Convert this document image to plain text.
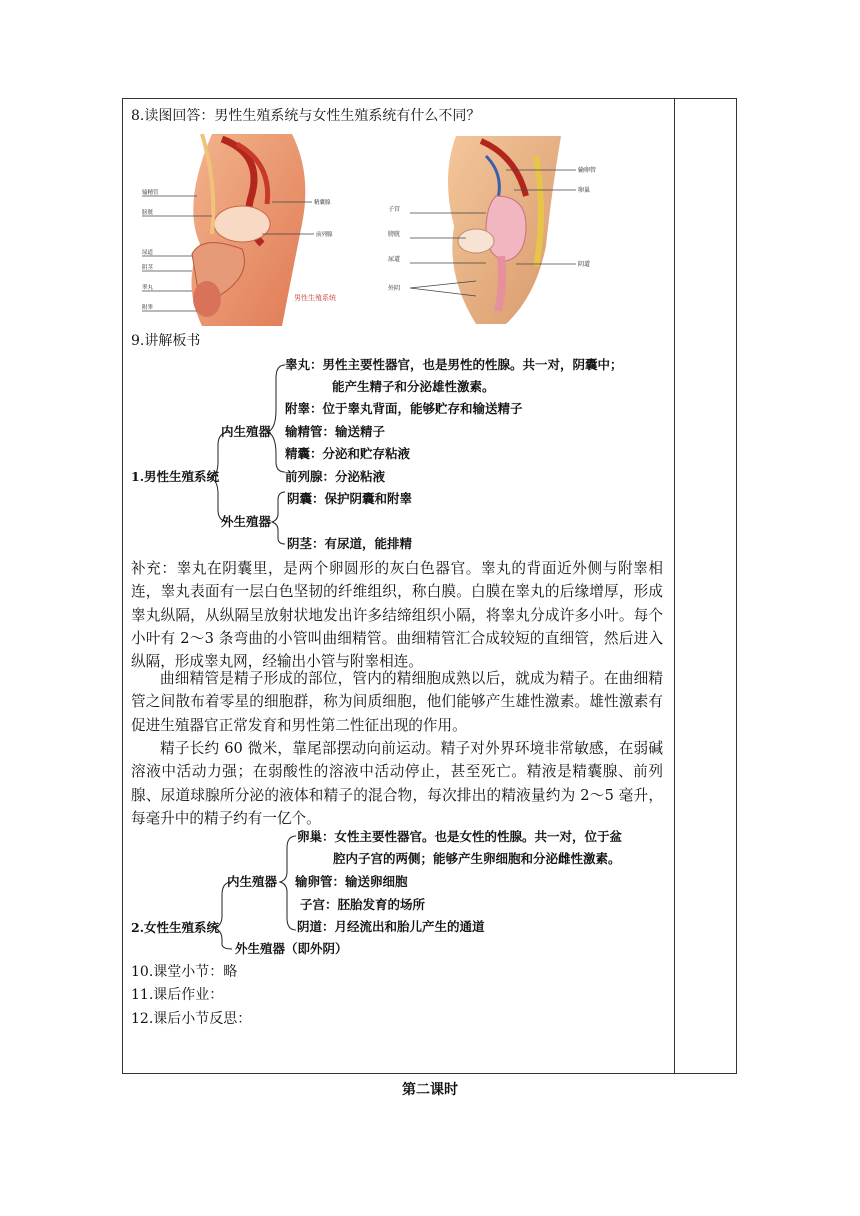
8.读图回答：男性生殖系统与女性生殖系统有什么不同？
输精管
膀胱
尿道
阴茎
睾丸
附睾
精囊腺
前列腺
男性生殖系统
输卵管
卵巢
子宫
膀胱
尿道
阴道
外阴
9.讲解板书
1.男性生殖系统
内生殖器
外生殖器
睾丸：男性主要性器官，也是男性的性腺。共一对，阴囊中；
能产生精子和分泌雄性激素。
附睾：位于睾丸背面，能够贮存和输送精子
输精管：输送精子
精囊：分泌和贮存粘液
前列腺：分泌粘液
阴囊：保护阴囊和附睾
阴茎：有尿道，能排精

补充：睾丸在阴囊里，是两个卵圆形的灰白色器官。睾丸的背面近外侧与附睾相连，睾丸表面有一层白色坚韧的纤维组织，称白膜。白膜在睾丸的后缘增厚，形成睾丸纵隔，从纵隔呈放射状地发出许多结缔组织小隔，将睾丸分成许多小叶。每个小叶有 2～3 条弯曲的小管叫曲细精管。曲细精管汇合成较短的直细管，然后进入纵隔，形成睾丸网，经输出小管与附睾相连。

曲细精管是精子形成的部位，管内的精细胞成熟以后，就成为精子。在曲细精管之间散布着零星的细胞群，称为间质细胞，他们能够产生雄性激素。雄性激素有促进生殖器官正常发育和男性第二性征出现的作用。

精子长约 60 微米，靠尾部摆动向前运动。精子对外界环境非常敏感，在弱碱溶液中活动力强；在弱酸性的溶液中活动停止，甚至死亡。精液是精囊腺、前列腺、尿道球腺所分泌的液体和精子的混合物，每次排出的精液量约为 2～5 毫升，每毫升中的精子约有一亿个。

2.女性生殖系统
内生殖器
外生殖器（即外阴）
卵巢：女性主要性器官。也是女性的性腺。共一对，位于盆
腔内子宫的两侧；能够产生卵细胞和分泌雌性激素。
输卵管：输送卵细胞
子宫：胚胎发育的场所
阴道：月经流出和胎儿产生的通道
10.课堂小节：略
11.课后作业：
12.课后小节反思：
第二课时
